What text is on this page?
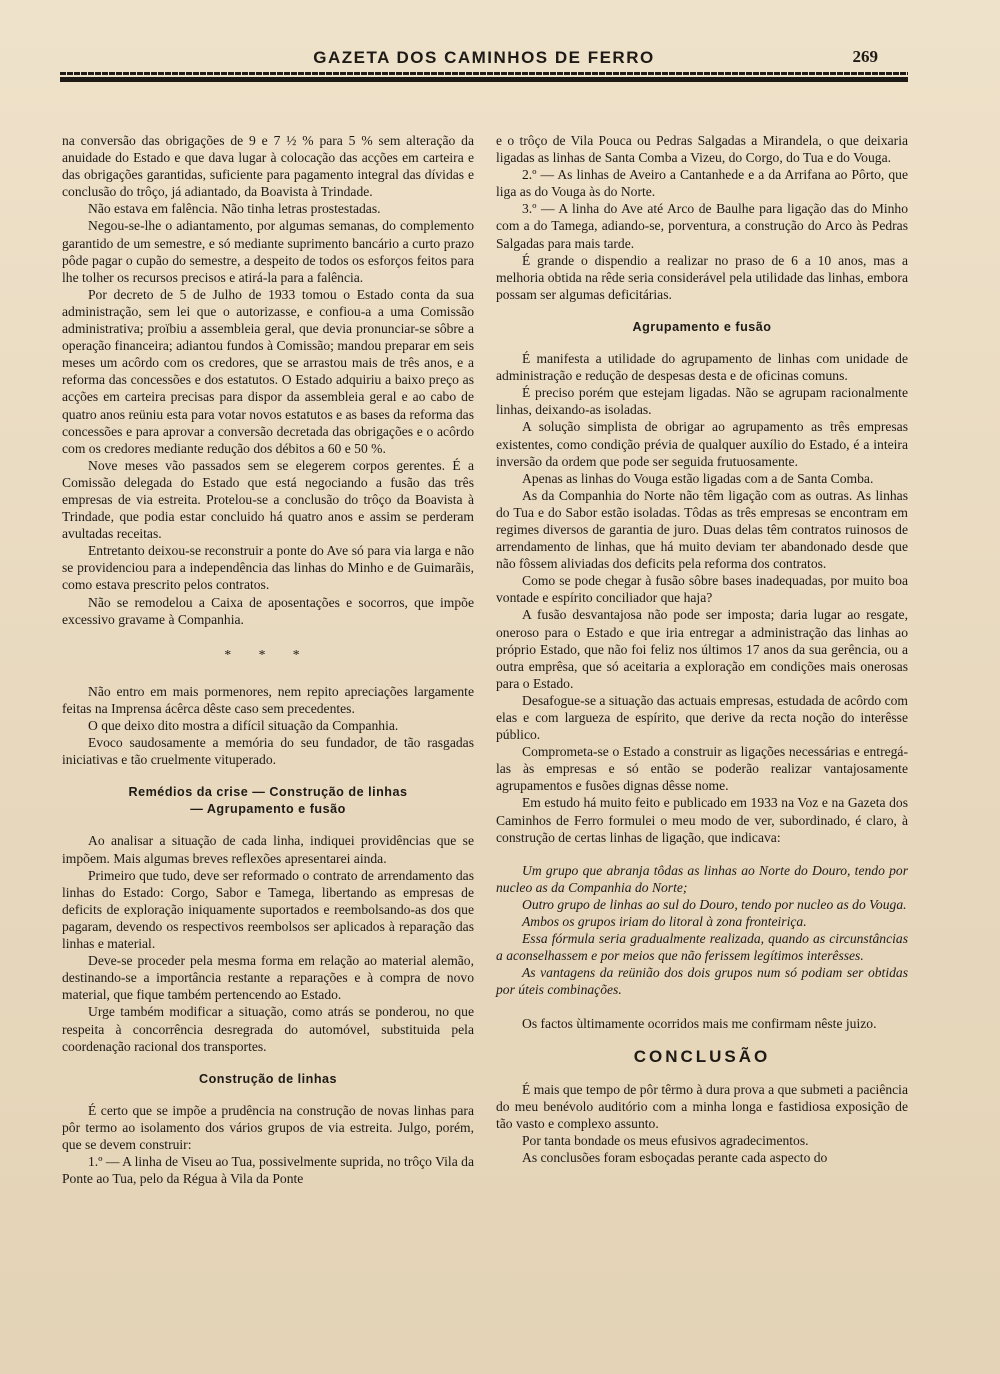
GAZETA DOS CAMINHOS DE FERRO	269

na conversão das obrigações de 9 e 7 ½ % para 5 % sem alteração da anuidade do Estado e que dava lugar à colocação das acções em carteira e das obrigações garantidas, suficiente para pagamento integral das dívidas e conclusão do trôço, já adiantado, da Boavista à Trindade.

Não estava em falência. Não tinha letras prostestadas.

Negou-se-lhe o adiantamento, por algumas semanas, do complemento garantido de um semestre, e só mediante suprimento bancário a curto prazo pôde pagar o cupão do semestre, a despeito de todos os esforços feitos para lhe tolher os recursos precisos e atirá-la para a falência.

Por decreto de 5 de Julho de 1933 tomou o Estado conta da sua administração, sem lei que o autorizasse, e confiou-a a uma Comissão administrativa; proïbiu a assembleia geral, que devia pronunciar-se sôbre a operação financeira; adiantou fundos à Comissão; mandou preparar em seis meses um acôrdo com os credores, que se arrastou mais de três anos, e a reforma das concessões e dos estatutos. O Estado adquiriu a baixo preço as acções em carteira precisas para dispor da assembleia geral e ao cabo de quatro anos reüniu esta para votar novos estatutos e as bases da reforma das concessões e para aprovar a conversão decretada das obrigações e o acôrdo com os credores mediante redução dos débitos a 60 e 50 %.

Nove meses vão passados sem se elegerem corpos gerentes. É a Comissão delegada do Estado que está negociando a fusão das três empresas de via estreita. Protelou-se a conclusão do trôço da Boavista à Trindade, que podia estar concluido há quatro anos e assim se perderam avultadas receitas.

Entretanto deixou-se reconstruir a ponte do Ave só para via larga e não se providenciou para a independência das linhas do Minho e de Guimarãis, como estava prescrito pelos contratos.

Não se remodelou a Caixa de aposentações e socorros, que impõe excessivo gravame à Companhia.

* * *

Não entro em mais pormenores, nem repito apreciações largamente feitas na Imprensa ácêrca dêste caso sem precedentes.

O que deixo dito mostra a difícil situação da Companhia.

Evoco saudosamente a memória do seu fundador, de tão rasgadas iniciativas e tão cruelmente vituperado.

Remédios da crise — Construção de linhas
— Agrupamento e fusão

Ao analisar a situação de cada linha, indiquei providências que se impõem. Mais algumas breves reflexões apresentarei ainda.

Primeiro que tudo, deve ser reformado o contrato de arrendamento das linhas do Estado: Corgo, Sabor e Tamega, libertando as empresas de deficits de exploração iniquamente suportados e reembolsando-as dos que pagaram, devendo os respectivos reembolsos ser aplicados à reparação das linhas e material.

Deve-se proceder pela mesma forma em relação ao material alemão, destinando-se a importância restante a reparações e à compra de novo material, que fique também pertencendo ao Estado.

Urge também modificar a situação, como atrás se ponderou, no que respeita à concorrência desregrada do automóvel, substituida pela coordenação racional dos transportes.

Construção de linhas

É certo que se impõe a prudência na construção de novas linhas para pôr termo ao isolamento dos vários grupos de via estreita. Julgo, porém, que se devem construir:

1.º — A linha de Viseu ao Tua, possivelmente suprida, no trôço Vila da Ponte ao Tua, pelo da Régua à Vila da Ponte

e o trôço de Vila Pouca ou Pedras Salgadas a Mirandela, o que deixaria ligadas as linhas de Santa Comba a Vizeu, do Corgo, do Tua e do Vouga.

2.º — As linhas de Aveiro a Cantanhede e a da Arrifana ao Pôrto, que liga as do Vouga às do Norte.

3.º — A linha do Ave até Arco de Baulhe para ligação das do Minho com a do Tamega, adiando-se, porventura, a construção do Arco às Pedras Salgadas para mais tarde.

É grande o dispendio a realizar no praso de 6 a 10 anos, mas a melhoria obtida na rêde seria considerável pela utilidade das linhas, embora possam ser algumas deficitárias.

Agrupamento e fusão

É manifesta a utilidade do agrupamento de linhas com unidade de administração e redução de despesas desta e de oficinas comuns.

É preciso porém que estejam ligadas. Não se agrupam racionalmente linhas, deixando-as isoladas.

A solução simplista de obrigar ao agrupamento as três empresas existentes, como condição prévia de qualquer auxílio do Estado, é a inteira inversão da ordem que pode ser seguida frutuosamente.

Apenas as linhas do Vouga estão ligadas com a de Santa Comba.

As da Companhia do Norte não têm ligação com as outras. As linhas do Tua e do Sabor estão isoladas. Tôdas as três empresas se encontram em regimes diversos de garantia de juro. Duas delas têm contratos ruinosos de arrendamento de linhas, que há muito deviam ter abandonado desde que não fôssem aliviadas dos deficits pela reforma dos contratos.

Como se pode chegar à fusão sôbre bases inadequadas, por muito boa vontade e espírito conciliador que haja?

A fusão desvantajosa não pode ser imposta; daria lugar ao resgate, oneroso para o Estado e que iria entregar a administração das linhas ao próprio Estado, que não foi feliz nos últimos 17 anos da sua gerência, ou a outra emprêsa, que só aceitaria a exploração em condições mais onerosas para o Estado.

Desafogue-se a situação das actuais empresas, estudada de acôrdo com elas e com largueza de espírito, que derive da recta noção do interêsse público.

Comprometa-se o Estado a construir as ligações necessárias e entregá-las às empresas e só então se poderão realizar vantajosamente agrupamentos e fusões dignas dêsse nome.

Em estudo há muito feito e publicado em 1933 na Voz e na Gazeta dos Caminhos de Ferro formulei o meu modo de ver, subordinado, é claro, à construção de certas linhas de ligação, que indicava:

Um grupo que abranja tôdas as linhas ao Norte do Douro, tendo por nucleo as da Companhia do Norte;

Outro grupo de linhas ao sul do Douro, tendo por nucleo as do Vouga.

Ambos os grupos iriam do litoral à zona fronteiriça.

Essa fórmula seria gradualmente realizada, quando as circunstâncias a aconselhassem e por meios que não ferissem legítimos interêsses.

As vantagens da reünião dos dois grupos num só podiam ser obtidas por úteis combinações.

Os factos ùltimamente ocorridos mais me confirmam nêste juizo.

CONCLUSÃO

É mais que tempo de pôr têrmo à dura prova a que submeti a paciência do meu benévolo auditório com a minha longa e fastidiosa exposição de tão vasto e complexo assunto.

Por tanta bondade os meus efusivos agradecimentos.

As conclusões foram esboçadas perante cada aspecto do
